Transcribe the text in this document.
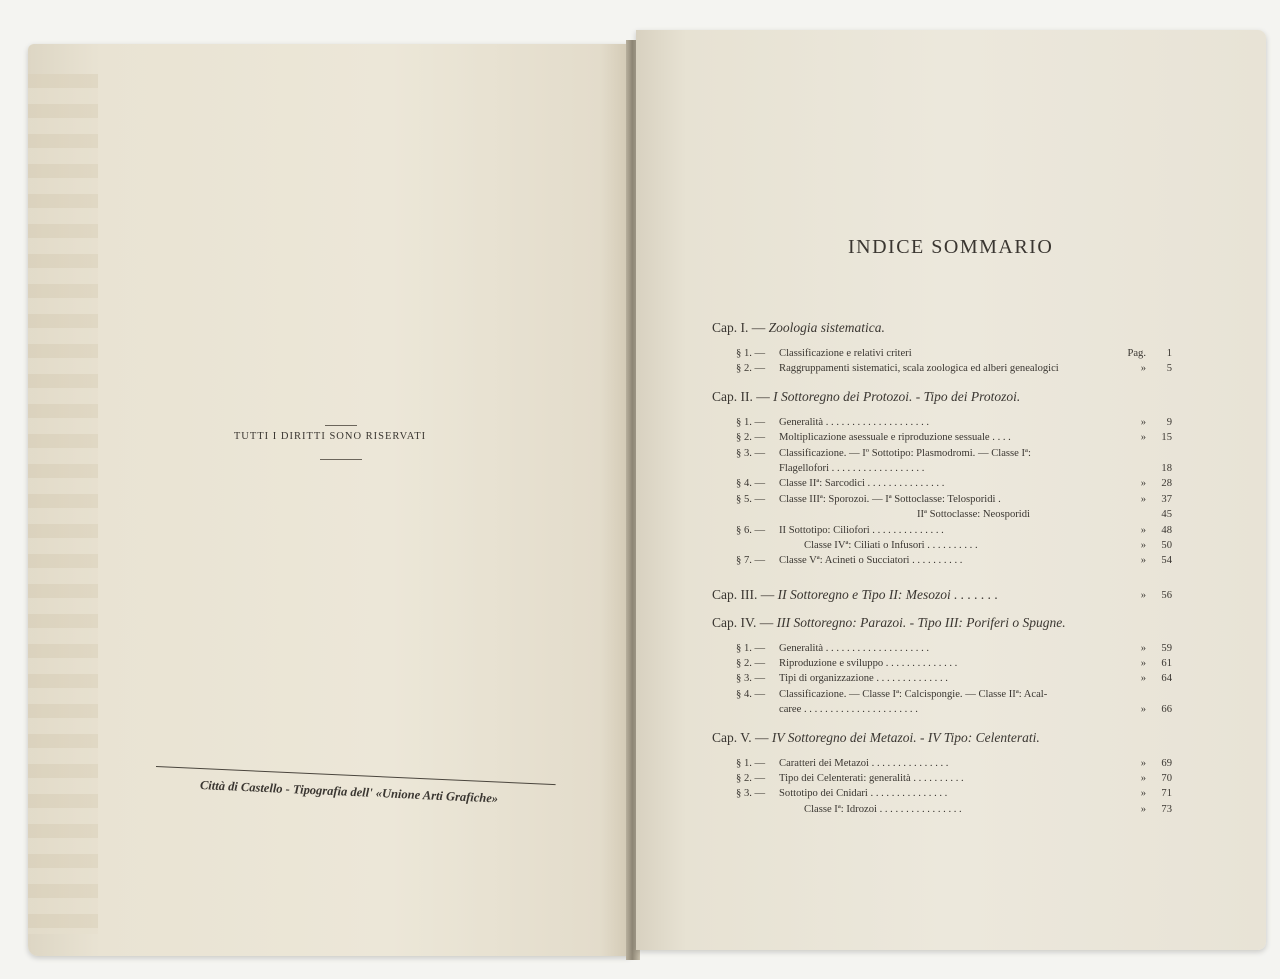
TUTTI I DIRITTI SONO RISERVATI
Città di Castello - Tipografia dell' «Unione Arti Grafiche»
INDICE SOMMARIO
Cap. I. — Zoologia sistematica.
§ 1. — Classificazione e relativi criteri	Pag.	1
§ 2. — Raggruppamenti sistematici, scala zoologica ed alberi genealogici	»	5
Cap. II. — I Sottoregno dei Protozoi. - Tipo dei Protozoi.
§ 1. — Generalità . . . . . . . . . . . . . . . . . . . .	»	9
§ 2. — Moltiplicazione asessuale e riproduzione sessuale . . . .	»	15
§ 3. — Classificazione. — Iº Sottotipo: Plasmodromi. — Classe Iª:
Flagellofori . . . . . . . . . . . . . . . . . .	18
§ 4. — Classe IIª: Sarcodici . . . . . . . . . . . . . . .	»	28
§ 5. — Classe IIIª: Sporozoi. — Iª Sottoclasse: Telosporidi .	»	37
IIª Sottoclasse: Neosporidi	45
§ 6. — II Sottotipo: Ciliofori . . . . . . . . . . . . . .	»	48
Classe IVª: Ciliati o Infusori . . . . . . . . . .	»	50
§ 7. — Classe Vª: Acineti o Succiatori . . . . . . . . . .	»	54
Cap. III. — II Sottoregno e Tipo II: Mesozoi . . . . . . .	» 56
Cap. IV. — III Sottoregno: Parazoi. - Tipo III: Poriferi o Spugne.
§ 1. — Generalità . . . . . . . . . . . . . . . . . . . .	»	59
§ 2. — Riproduzione e sviluppo . . . . . . . . . . . . . .	»	61
§ 3. — Tipi di organizzazione . . . . . . . . . . . . . .	»	64
§ 4. — Classificazione. — Classe Iª: Calcispongie. — Classe IIª: Acal-
caree . . . . . . . . . . . . . . . . . . . . . .	»	66
Cap. V. — IV Sottoregno dei Metazoi. - IV Tipo: Celenterati.
§ 1. — Caratteri dei Metazoi . . . . . . . . . . . . . . .	»	69
§ 2. — Tipo dei Celenterati: generalità . . . . . . . . . .	»	70
§ 3. — Sottotipo dei Cnidari . . . . . . . . . . . . . . .	»	71
Classe Iª: Idrozoi . . . . . . . . . . . . . . . .	»	73
